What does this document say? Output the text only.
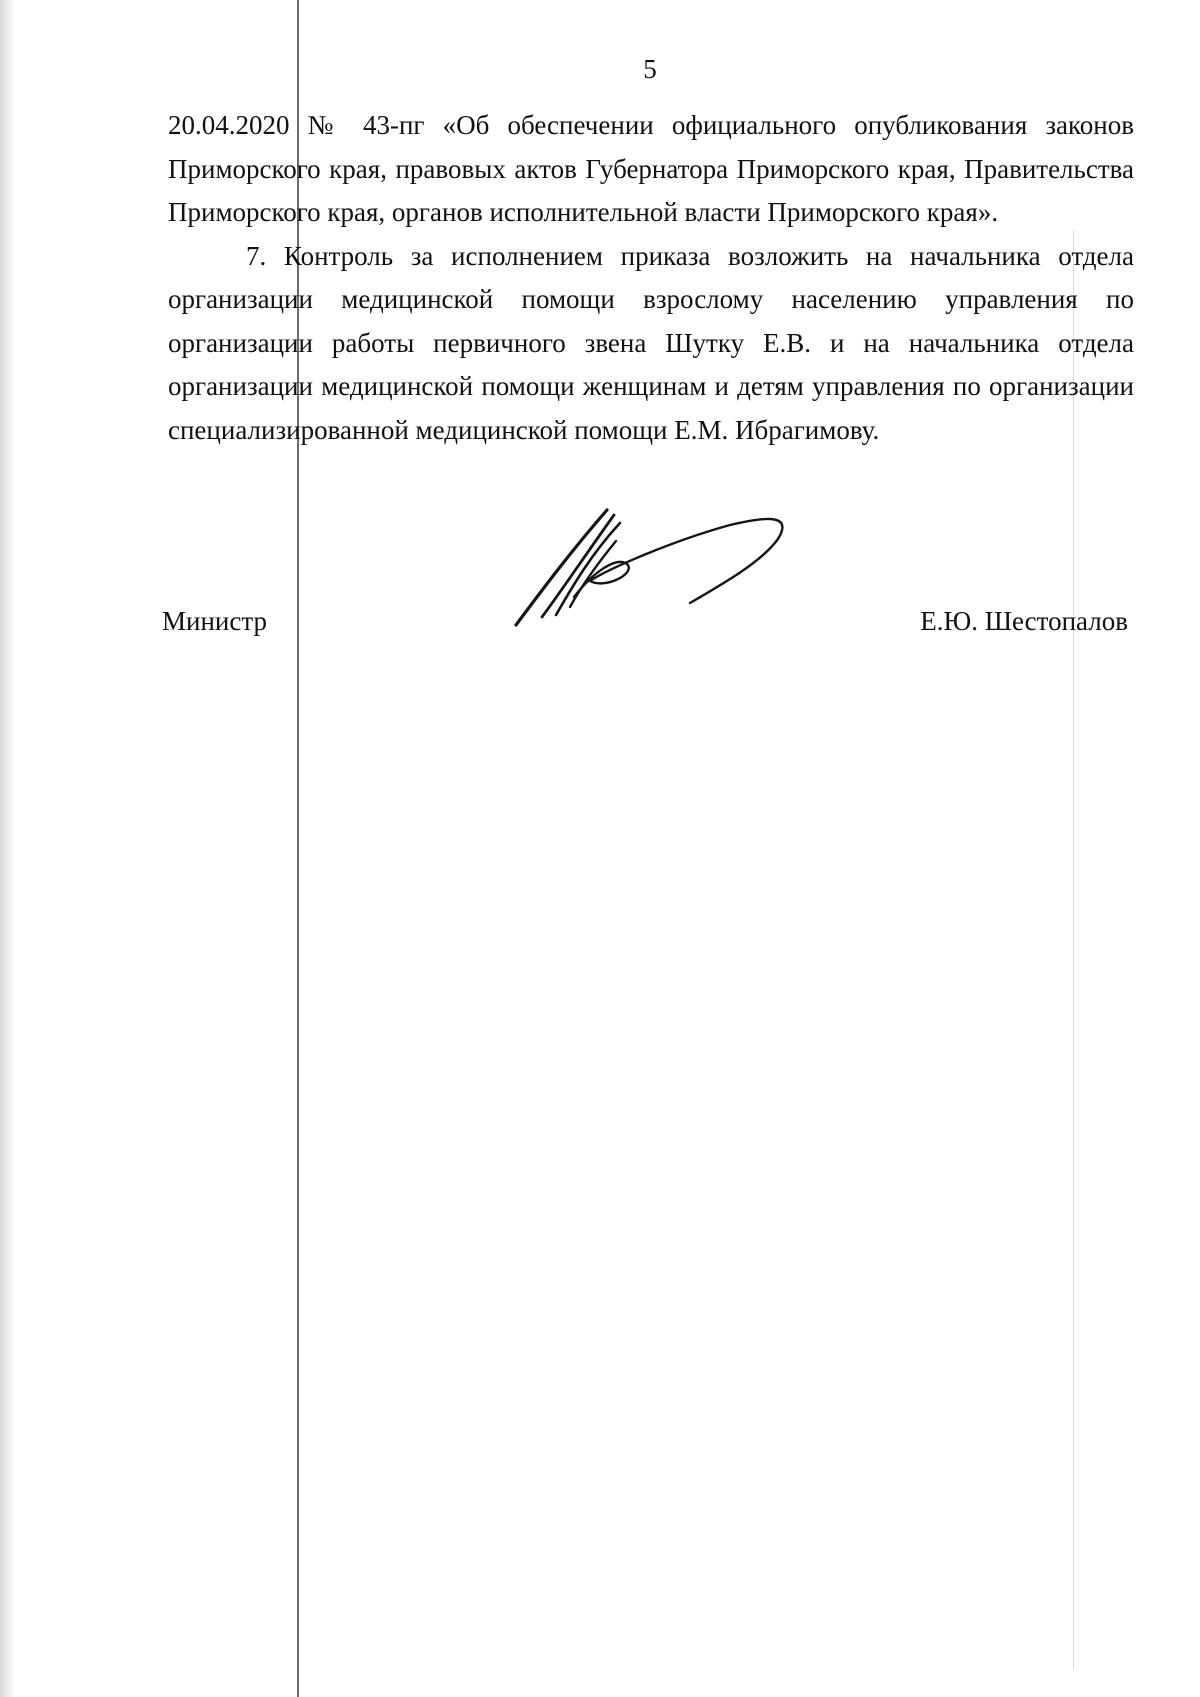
5

20.04.2020 № 43-пг «Об обеспечении официального опубликования законов Приморского края, правовых актов Губернатора Приморского края, Правительства Приморского края, органов исполнительной власти Приморского края».

7. Контроль за исполнением приказа возложить на начальника отдела организации медицинской помощи взрослому населению управления по организации работы первичного звена Шутку Е.В. и на начальника отдела организации медицинской помощи женщинам и детям управления по организации специализированной медицинской помощи Е.М. Ибрагимову.

Министр	Е.Ю. Шестопалов
